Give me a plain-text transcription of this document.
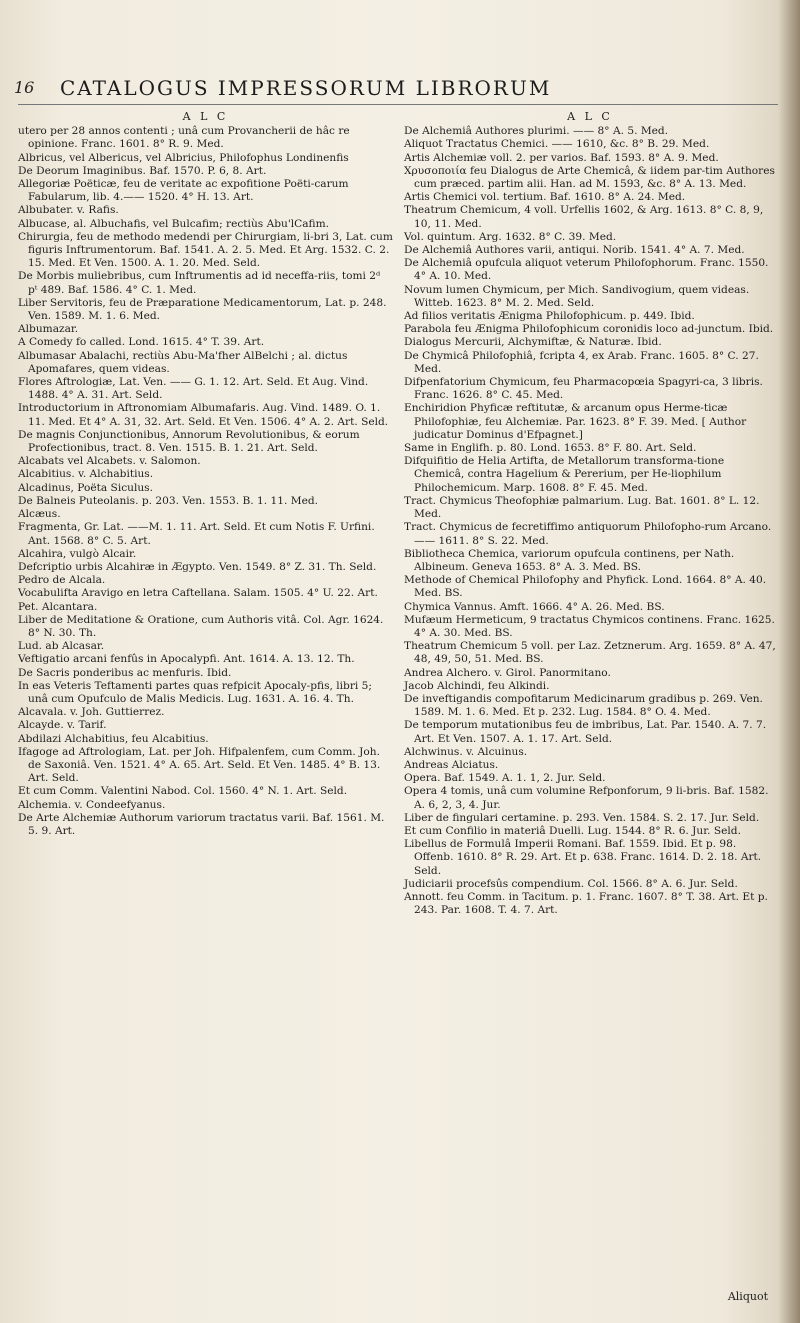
16 CATALOGUS IMPRESSORUM LIBRORUM
A L C

utero per 28 annos contenti ; unâ cum Provancherii de hâc re opinione. Franc. 1601. 8° R. 9. Med.

Albricus, vel Albericus, vel Albricius, Philofophus Londinenfis

De Deorum Imaginibus. Baf. 1570. P. 6, 8. Art.

Allegoriæ Poëticæ, feu de veritate ac expofitione Poëti-carum Fabularum, lib. 4.—— 1520. 4° H. 13. Art.

Albubater. v. Rafis.

Albucase, al. Albuchafis, vel Bulcafim; rectiùs Abu'lCafim.

Chirurgia, feu de methodo medendi per Chirurgiam, li-bri 3, Lat. cum figuris Inftrumentorum. Baf. 1541. A. 2. 5. Med. Et Arg. 1532. C. 2. 15. Med. Et Ven. 1500. A. 1. 20. Med. Seld.

De Morbis muliebribus, cum Inftrumentis ad id neceffa-riis, tomi 2ᵈ pᵗ 489. Baf. 1586. 4° C. 1. Med.

Liber Servitoris, feu de Præparatione Medicamentorum, Lat. p. 248. Ven. 1589. M. 1. 6. Med.

Albumazar.

A Comedy fo called. Lond. 1615. 4° T. 39. Art.

Albumasar Abalachi, rectiùs Abu-Ma'fher AlBelchi ; al. dictus Apomafares, quem videas.

Flores Aftrologiæ, Lat. Ven. —— G. 1. 12. Art. Seld. Et Aug. Vind. 1488. 4° A. 31. Art. Seld.

Introductorium in Aftronomiam Albumafaris. Aug. Vind. 1489. O. 1. 11. Med. Et 4° A. 31, 32. Art. Seld. Et Ven. 1506. 4° A. 2. Art. Seld.

De magnis Conjunctionibus, Annorum Revolutionibus, & eorum Profectionibus, tract. 8. Ven. 1515. B. 1. 21. Art. Seld.

Alcabats vel Alcabets. v. Salomon.

Alcabitius. v. Alchabitius.

Alcadinus, Poëta Siculus.

De Balneis Puteolanis. p. 203. Ven. 1553. B. 1. 11. Med.

Alcæus.

Fragmenta, Gr. Lat. ——M. 1. 11. Art. Seld. Et cum Notis F. Urfini. Ant. 1568. 8° C. 5. Art.

Alcahira, vulgò Alcair.

Defcriptio urbis Alcahiræ in Ægypto. Ven. 1549. 8° Z. 31. Th. Seld.

Pedro de Alcala.

Vocabulifta Aravigo en letra Caftellana. Salam. 1505. 4° U. 22. Art.

Pet. Alcantara.

Liber de Meditatione & Oratione, cum Authoris vitâ. Col. Agr. 1624. 8° N. 30. Th.

Lud. ab Alcasar.

Veftigatio arcani fenfûs in Apocalypfi. Ant. 1614. A. 13. 12. Th.

De Sacris ponderibus ac menfuris. Ibid.

In eas Veteris Teftamenti partes quas refpicit Apocaly-pfis, libri 5; unâ cum Opufculo de Malis Medicis. Lug. 1631. A. 16. 4. Th.

Alcavala. v. Joh. Guttierrez.

Alcayde. v. Tarif.

Abdilazi Alchabitius, feu Alcabitius.

Ifagoge ad Aftrologiam, Lat. per Joh. Hifpalenfem, cum Comm. Joh. de Saxoniâ. Ven. 1521. 4° A. 65. Art. Seld. Et Ven. 1485. 4° B. 13. Art. Seld.

Et cum Comm. Valentini Nabod. Col. 1560. 4° N. 1. Art. Seld.

Alchemia. v. Condeefyanus.

De Arte Alchemiæ Authorum variorum tractatus varii. Baf. 1561. M. 5. 9. Art.

A L C

De Alchemiâ Authores plurimi. —— 8° A. 5. Med.

Aliquot Tractatus Chemici. —— 1610, &c. 8° B. 29. Med.

Artis Alchemiæ voll. 2. per varios. Baf. 1593. 8° A. 9. Med.

Χρυσοποιία feu Dialogus de Arte Chemicâ, & iidem par-tim Authores cum præced. partim alii. Han. ad M. 1593, &c. 8° A. 13. Med.

Artis Chemici vol. tertium. Baf. 1610. 8° A. 24. Med.

Theatrum Chemicum, 4 voll. Urfellis 1602, & Arg. 1613. 8° C. 8, 9, 10, 11. Med.

Vol. quintum. Arg. 1632. 8° C. 39. Med.

De Alchemiâ Authores varii, antiqui. Norib. 1541. 4° A. 7. Med.

De Alchemiâ opufcula aliquot veterum Philofophorum. Franc. 1550. 4° A. 10. Med.

Novum lumen Chymicum, per Mich. Sandivogium, quem videas. Witteb. 1623. 8° M. 2. Med. Seld.

Ad filios veritatis Ænigma Philofophicum. p. 449. Ibid.

Parabola feu Ænigma Philofophicum coronidis loco ad-junctum. Ibid.

Dialogus Mercurii, Alchymiftæ, & Naturæ. Ibid.

De Chymicâ Philofophiâ, fcripta 4, ex Arab. Franc. 1605. 8° C. 27. Med.

Difpenfatorium Chymicum, feu Pharmacopœia Spagyri-ca, 3 libris. Franc. 1626. 8° C. 45. Med.

Enchiridion Phyficæ reftitutæ, & arcanum opus Herme-ticæ Philofophiæ, feu Alchemiæ. Par. 1623. 8° F. 39. Med. [ Author judicatur Dominus d'Efpagnet.]

Same in Englifh. p. 80. Lond. 1653. 8° F. 80. Art. Seld.

Difquifitio de Helia Artifta, de Metallorum transforma-tione Chemicâ, contra Hagelium & Pererium, per He-liophilum Philochemicum. Marp. 1608. 8° F. 45. Med.

Tract. Chymicus Theofophiæ palmarium. Lug. Bat. 1601. 8° L. 12. Med.

Tract. Chymicus de fecretiffimo antiquorum Philofopho-rum Arcano. —— 1611. 8° S. 22. Med.

Bibliotheca Chemica, variorum opufcula continens, per Nath. Albineum. Geneva 1653. 8° A. 3. Med. BS.

Methode of Chemical Philofophy and Phyfick. Lond. 1664. 8° A. 40. Med. BS.

Chymica Vannus. Amft. 1666. 4° A. 26. Med. BS.

Mufæum Hermeticum, 9 tractatus Chymicos continens. Franc. 1625. 4° A. 30. Med. BS.

Theatrum Chemicum 5 voll. per Laz. Zetznerum. Arg. 1659. 8° A. 47, 48, 49, 50, 51. Med. BS.

Andrea Alchero. v. Girol. Panormitano.

Jacob Alchindi, feu Alkindi.

De inveftigandis compofitarum Medicinarum gradibus p. 269. Ven. 1589. M. 1. 6. Med. Et p. 232. Lug. 1584. 8° O. 4. Med.

De temporum mutationibus feu de imbribus, Lat. Par. 1540. A. 7. 7. Art. Et Ven. 1507. A. 1. 17. Art. Seld.

Alchwinus. v. Alcuinus.

Andreas Alciatus.

Opera. Baf. 1549. A. 1. 1, 2. Jur. Seld.

Opera 4 tomis, unâ cum volumine Refponforum, 9 li-bris. Baf. 1582. A. 6, 2, 3, 4. Jur.

Liber de fingulari certamine. p. 293. Ven. 1584. S. 2. 17. Jur. Seld.

Et cum Confilio in materiâ Duelli. Lug. 1544. 8° R. 6. Jur. Seld.

Libellus de Formulâ Imperii Romani. Baf. 1559. Ibid. Et p. 98. Offenb. 1610. 8° R. 29. Art. Et p. 638. Franc. 1614. D. 2. 18. Art. Seld.

Judiciarii procefsûs compendium. Col. 1566. 8° A. 6. Jur. Seld.

Annott. feu Comm. in Tacitum. p. 1. Franc. 1607. 8° T. 38. Art. Et p. 243. Par. 1608. T. 4. 7. Art.

Aliquot
